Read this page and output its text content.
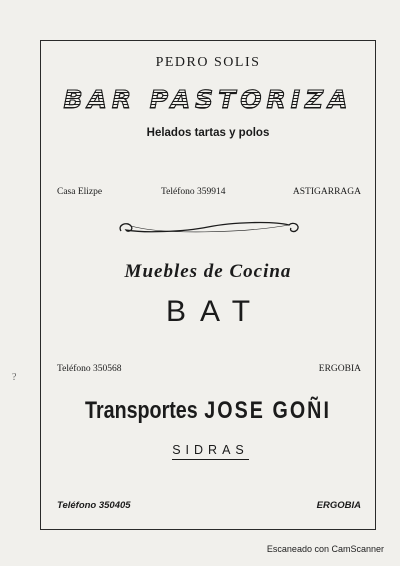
PEDRO SOLIS
BAR PASTORIZA
Helados tartas y polos
Casa Elizpe	Teléfono 359914	ASTIGARRAGA
Muebles de Cocina
BAT
Teléfono 350568	ERGOBIA
Transportes JOSE GOÑI
SIDRAS
Teléfono 350405	ERGOBIA
?
Escaneado con CamScanner
